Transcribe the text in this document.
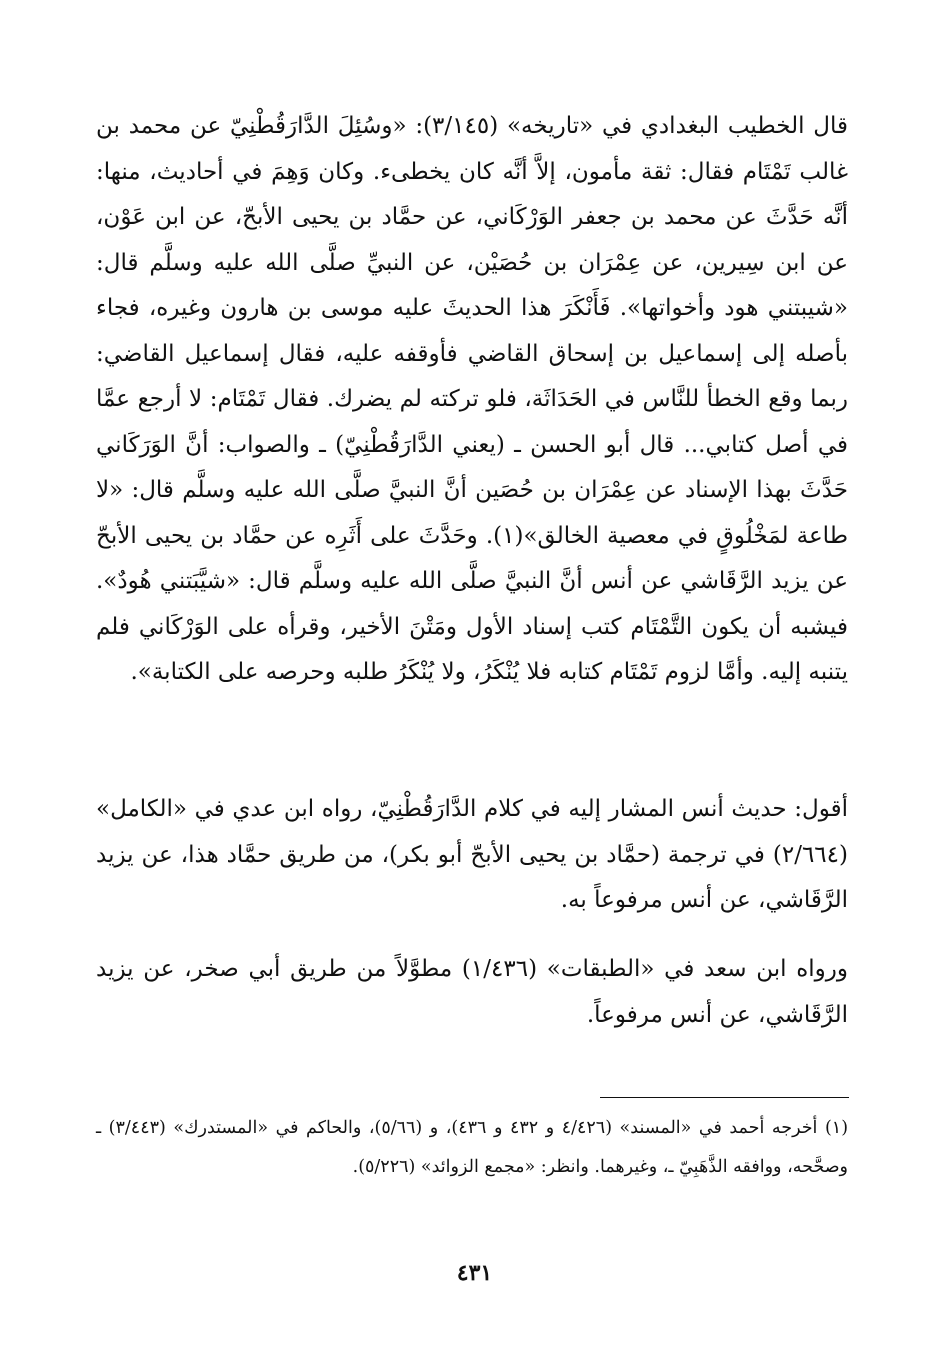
قال الخطيب البغدادي في «تاريخه» (٣/١٤٥): «وسُئِلَ الدَّارَقُطْنِيّ عن محمد بن غالب تَمْتَام فقال: ثقة مأمون، إلاَّ أنَّه كان يخطىء. وكان وَهِمَ في أحاديث، منها: أنَّه حَدَّثَ عن محمد بن جعفر الوَرْكَاني، عن حمَّاد بن يحيى الأبحّ، عن ابن عَوْن، عن ابن سِيرين، عن عِمْرَان بن حُصَيْن، عن النبيِّ صلَّى الله عليه وسلَّم قال: «شيبتني هود وأخواتها». فَأَنْكَرَ هذا الحديثَ عليه موسى بن هارون وغيره، فجاء بأصله إلى إسماعيل بن إسحاق القاضي فأوقفه عليه، فقال إسماعيل القاضي: ربما وقع الخطأ للنَّاس في الحَدَاثَة، فلو تركته لم يضرك. فقال تَمْتَام: لا أرجع عمَّا في أصل كتابي... قال أبو الحسن ـ (يعني الدَّارَقُطْنِيّ) ـ والصواب: أنَّ الوَرَكَاني حَدَّثَ بهذا الإسناد عن عِمْرَان بن حُصَين أنَّ النبيَّ صلَّى الله عليه وسلَّم قال: «لا طاعة لمَخْلُوقٍ في معصية الخالق»(١). وحَدَّثَ على أَثَرِه عن حمَّاد بن يحيى الأبحّ عن يزيد الرَّقَاشي عن أنس أنَّ النبيَّ صلَّى الله عليه وسلَّم قال: «شيَّبَتني هُودٌ». فيشبه أن يكون التَّمْتَام كتب إسناد الأول ومَتْنَ الأخير، وقرأه على الوَرْكَاني فلم يتنبه إليه. وأمَّا لزوم تَمْتَام كتابه فلا يُنْكَرُ، ولا يُنْكَرُ طلبه وحرصه على الكتابة».

أقول: حديث أنس المشار إليه في كلام الدَّارَقُطْنِيّ، رواه ابن عدي في «الكامل» (٢/٦٦٤) في ترجمة (حمَّاد بن يحيى الأبحّ أبو بكر)، من طريق حمَّاد هذا، عن يزيد الرَّقَاشي، عن أنس مرفوعاً به.

ورواه ابن سعد في «الطبقات» (١/٤٣٦) مطوَّلاً من طريق أبي صخر، عن يزيد الرَّقَاشي، عن أنس مرفوعاً.

(١) أخرجه أحمد في «المسند» (٤/٤٢٦ و ٤٣٢ و ٤٣٦)، و (٥/٦٦)، والحاكم في «المستدرك» (٣/٤٤٣) ـ وصحَّحه، ووافقه الذَّهَبِيّ ـ، وغيرهما. وانظر: «مجمع الزوائد» (٥/٢٢٦).

٤٣١
